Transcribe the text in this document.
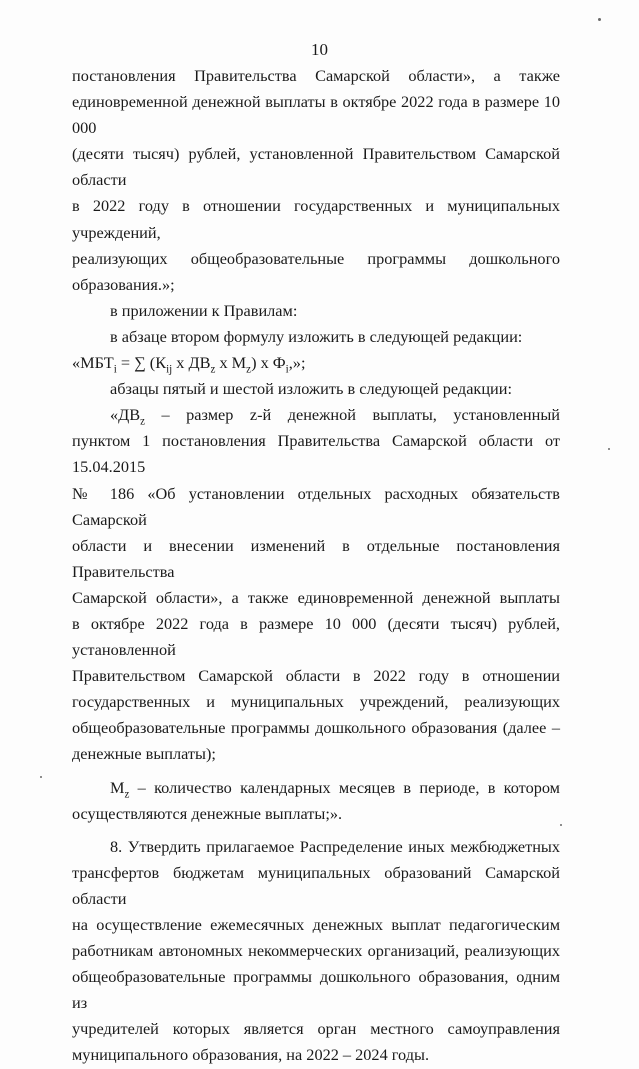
10

постановления Правительства Самарской области», а также
единовременной денежной выплаты в октябре 2022 года в размере 10 000
(десяти тысяч) рублей, установленной Правительством Самарской области
в 2022 году в отношении государственных и муниципальных учреждений,
реализующих общеобразовательные программы дошкольного
образования.»;

в приложении к Правилам:

в абзаце втором формулу изложить в следующей редакции:

«$МБТ_i$ = ∑ ($К_{ij}$ х $ДВ_z$ х $М_z$) х $Ф_i$,»;

абзацы пятый и шестой изложить в следующей редакции:

«$ДВ_z$ – размер z-й денежной выплаты, установленный
пунктом 1 постановления Правительства Самарской области от 15.04.2015
№ 186 «Об установлении отдельных расходных обязательств Самарской
области и внесении изменений в отдельные постановления Правительства
Самарской области», а также единовременной денежной выплаты
в октябре 2022 года в размере 10 000 (десяти тысяч) рублей, установленной
Правительством Самарской области в 2022 году в отношении
государственных и муниципальных учреждений, реализующих
общеобразовательные программы дошкольного образования (далее –
денежные выплаты);

$М_z$ – количество календарных месяцев в периоде, в котором
осуществляются денежные выплаты;».

8. Утвердить прилагаемое Распределение иных межбюджетных
трансфертов бюджетам муниципальных образований Самарской области
на осуществление ежемесячных денежных выплат педагогическим
работникам автономных некоммерческих организаций, реализующих
общеобразовательные программы дошкольного образования, одним из
учредителей которых является орган местного самоуправления
муниципального образования, на 2022 – 2024 годы.
